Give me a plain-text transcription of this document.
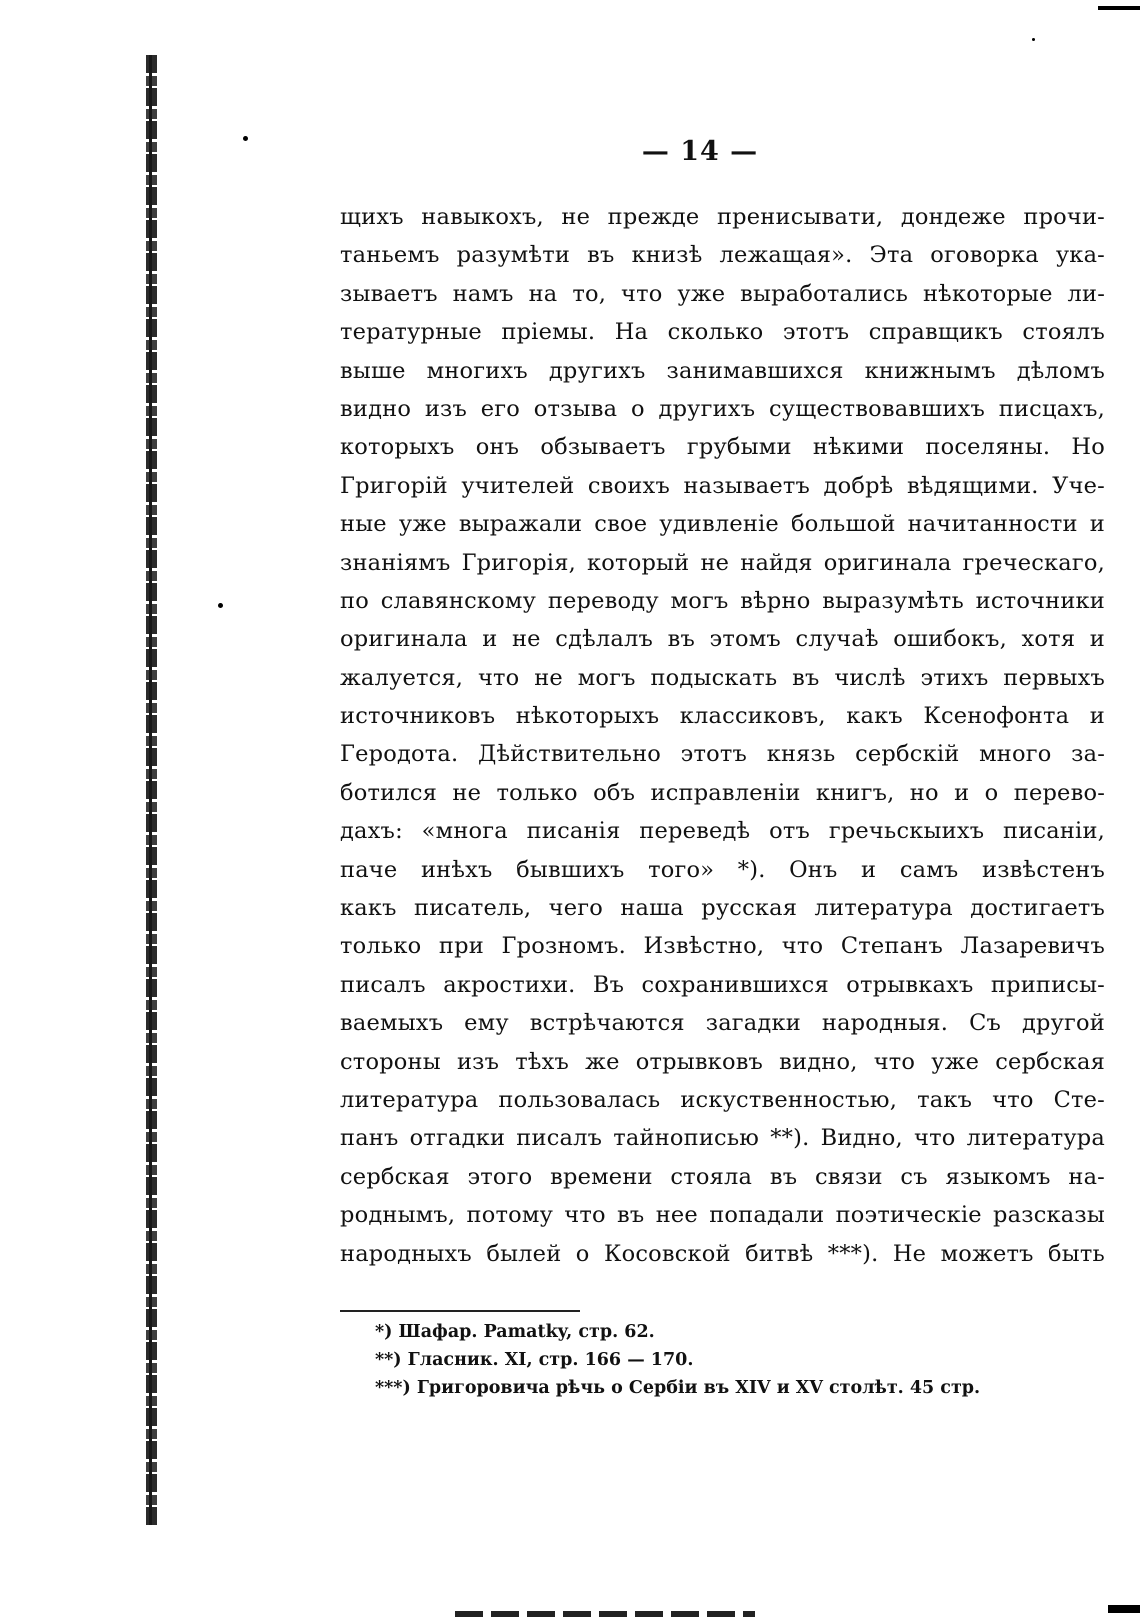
— 14 —
щихъ навыкохъ, не прежде пренисывати, дондеже прочи-
таньемъ разумѣти въ книзѣ лежащая». Эта оговорка ука-
зываетъ намъ на то, что уже выработались нѣкоторые ли-
тературные пріемы. На сколько этотъ справщикъ стоялъ
выше многихъ другихъ занимавшихся книжнымъ дѣломъ
видно изъ его отзыва о другихъ существовавшихъ писцахъ,
которыхъ онъ обзываетъ грубыми нѣкими поселяны. Но
Григорій учителей своихъ называетъ добрѣ вѣдящими. Уче-
ные уже выражали свое удивленіе большой начитанности и
знаніямъ Григорія, который не найдя оригинала греческаго,
по славянскому переводу могъ вѣрно выразумѣть источники
оригинала и не сдѣлалъ въ этомъ случаѣ ошибокъ, хотя и
жалуется, что не могъ подыскать въ числѣ этихъ первыхъ
источниковъ нѣкоторыхъ классиковъ, какъ Ксенофонта и
Геродота. Дѣйствительно этотъ князь сербскій много за-
ботился не только объ исправленіи книгъ, но и о перево-
дахъ: «многа писанія переведѣ отъ гречьскыихъ писаніи,
паче инѣхъ бывшихъ того» *). Онъ и самъ извѣстенъ
какъ писатель, чего наша русская литература достигаетъ
только при Грозномъ. Извѣстно, что Степанъ Лазаревичъ
писалъ акростихи. Въ сохранившихся отрывкахъ приписы-
ваемыхъ ему встрѣчаются загадки народныя. Съ другой
стороны изъ тѣхъ же отрывковъ видно, что уже сербская
литература пользовалась искуственностью, такъ что Сте-
панъ отгадки писалъ тайнописью **). Видно, что литература
сербская этого времени стояла въ связи съ языкомъ на-
роднымъ, потому что въ нее попадали поэтическіе разсказы
народныхъ былей о Косовской битвѣ ***). Не можетъ быть
*) Шафар. Pamatky, стр. 62.
**) Гласник. XI, стр. 166 — 170.
***) Григоровича рѣчь о Сербіи въ XIV и XV столѣт. 45 стр.
